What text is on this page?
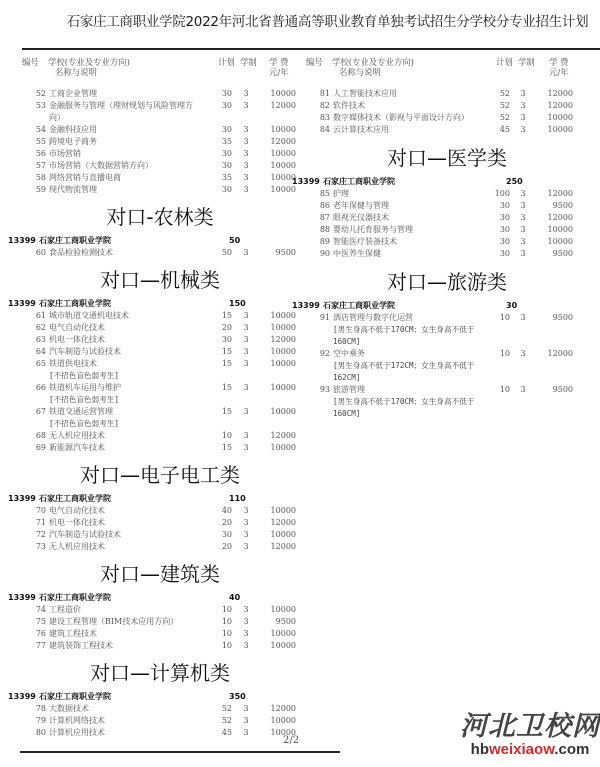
石家庄工商职业学院2022年河北省普通高等职业教育单独考试招生分学校分专业招生计划
编号 学校(专业及专业方向)
名称与说明
计划 学制 学 费
元/年
52 工商企业管理	30	3	10000
53 金融服务与管理（理财规划与风险管理方	30	3	12000
向）
54 金融科技应用	30	3	10000
55 跨境电子商务	35	3	12000
56 市场营销	30	3	10000
57 市场营销（大数据营销方向）	30	3	10000
58 网络营销与直播电商	35	3	10000
59 现代物流管理	30	3	10000
对口-农林类
13399 石家庄工商职业学院	50
60 食品检验检测技术	50	3	9500
对口—机械类
13399 石家庄工商职业学院	150
61 城市轨道交通机电技术	15	3	10000
62 电气自动化技术	20	3	10000
63 机电一体化技术	30	3	12000
64 汽车制造与试验技术	15	3	10000
65 铁道供电技术	15	3	10000
[不招色盲色弱考生]
66 铁道机车运用与维护	15	3	10000
[不招色盲色弱考生]
67 铁道交通运营管理	15	3	10000
[不招色盲色弱考生]
68 无人机应用技术	10	3	12000
69 新能源汽车技术	15	3	10000
对口—电子电工类
13399 石家庄工商职业学院	110
70 电气自动化技术	40	3	10000
71 机电一体化技术	20	3	12000
72 汽车制造与试验技术	30	3	10000
73 无人机应用技术	20	3	12000
对口—建筑类
13399 石家庄工商职业学院	40
74 工程造价	10	3	10000
75 建设工程管理（BIM技术应用方向）	10	3	9500
76 建筑工程技术	10	3	10000
77 建筑装饰工程技术	10	3	10000
对口—计算机类
13399 石家庄工商职业学院	350
78 大数据技术	52	3	12000
79 计算机网络技术	52	3	10000
80 计算机应用技术	45	3	10000
编号 学校(专业及专业方向)
名称与说明
计划 学制 学 费
元/年
81 人工智能技术应用	52	3	12000
82 软件技术	52	3	12000
83 数字媒体技术（影视与平面设计方向）	52	3	10000
84 云计算技术应用	45	3	10000
对口—医学类
13399 石家庄工商职业学院	250
85 护理	100	3	12000
86 老年保健与管理	30	3	9500
87 眼视光仪器技术	30	3	12000
88 婴幼儿托育服务与管理	30	3	10000
89 智能医疗装备技术	30	3	10000
90 中医养生保健	30	3	9500
对口—旅游类
13399 石家庄工商职业学院	30
91 酒店管理与数字化运营	10	3	9500
[男生身高不低于170CM；女生身高不低于
160CM]
92 空中乘务	10	3	12000
[男生身高不低于172CM；女生身高不低于
162CM]
93 旅游管理	10	3	9500
[男生身高不低于170CM；女生身高不低于
160CM]
2/2	河北卫校网
hbweixiaow.com
